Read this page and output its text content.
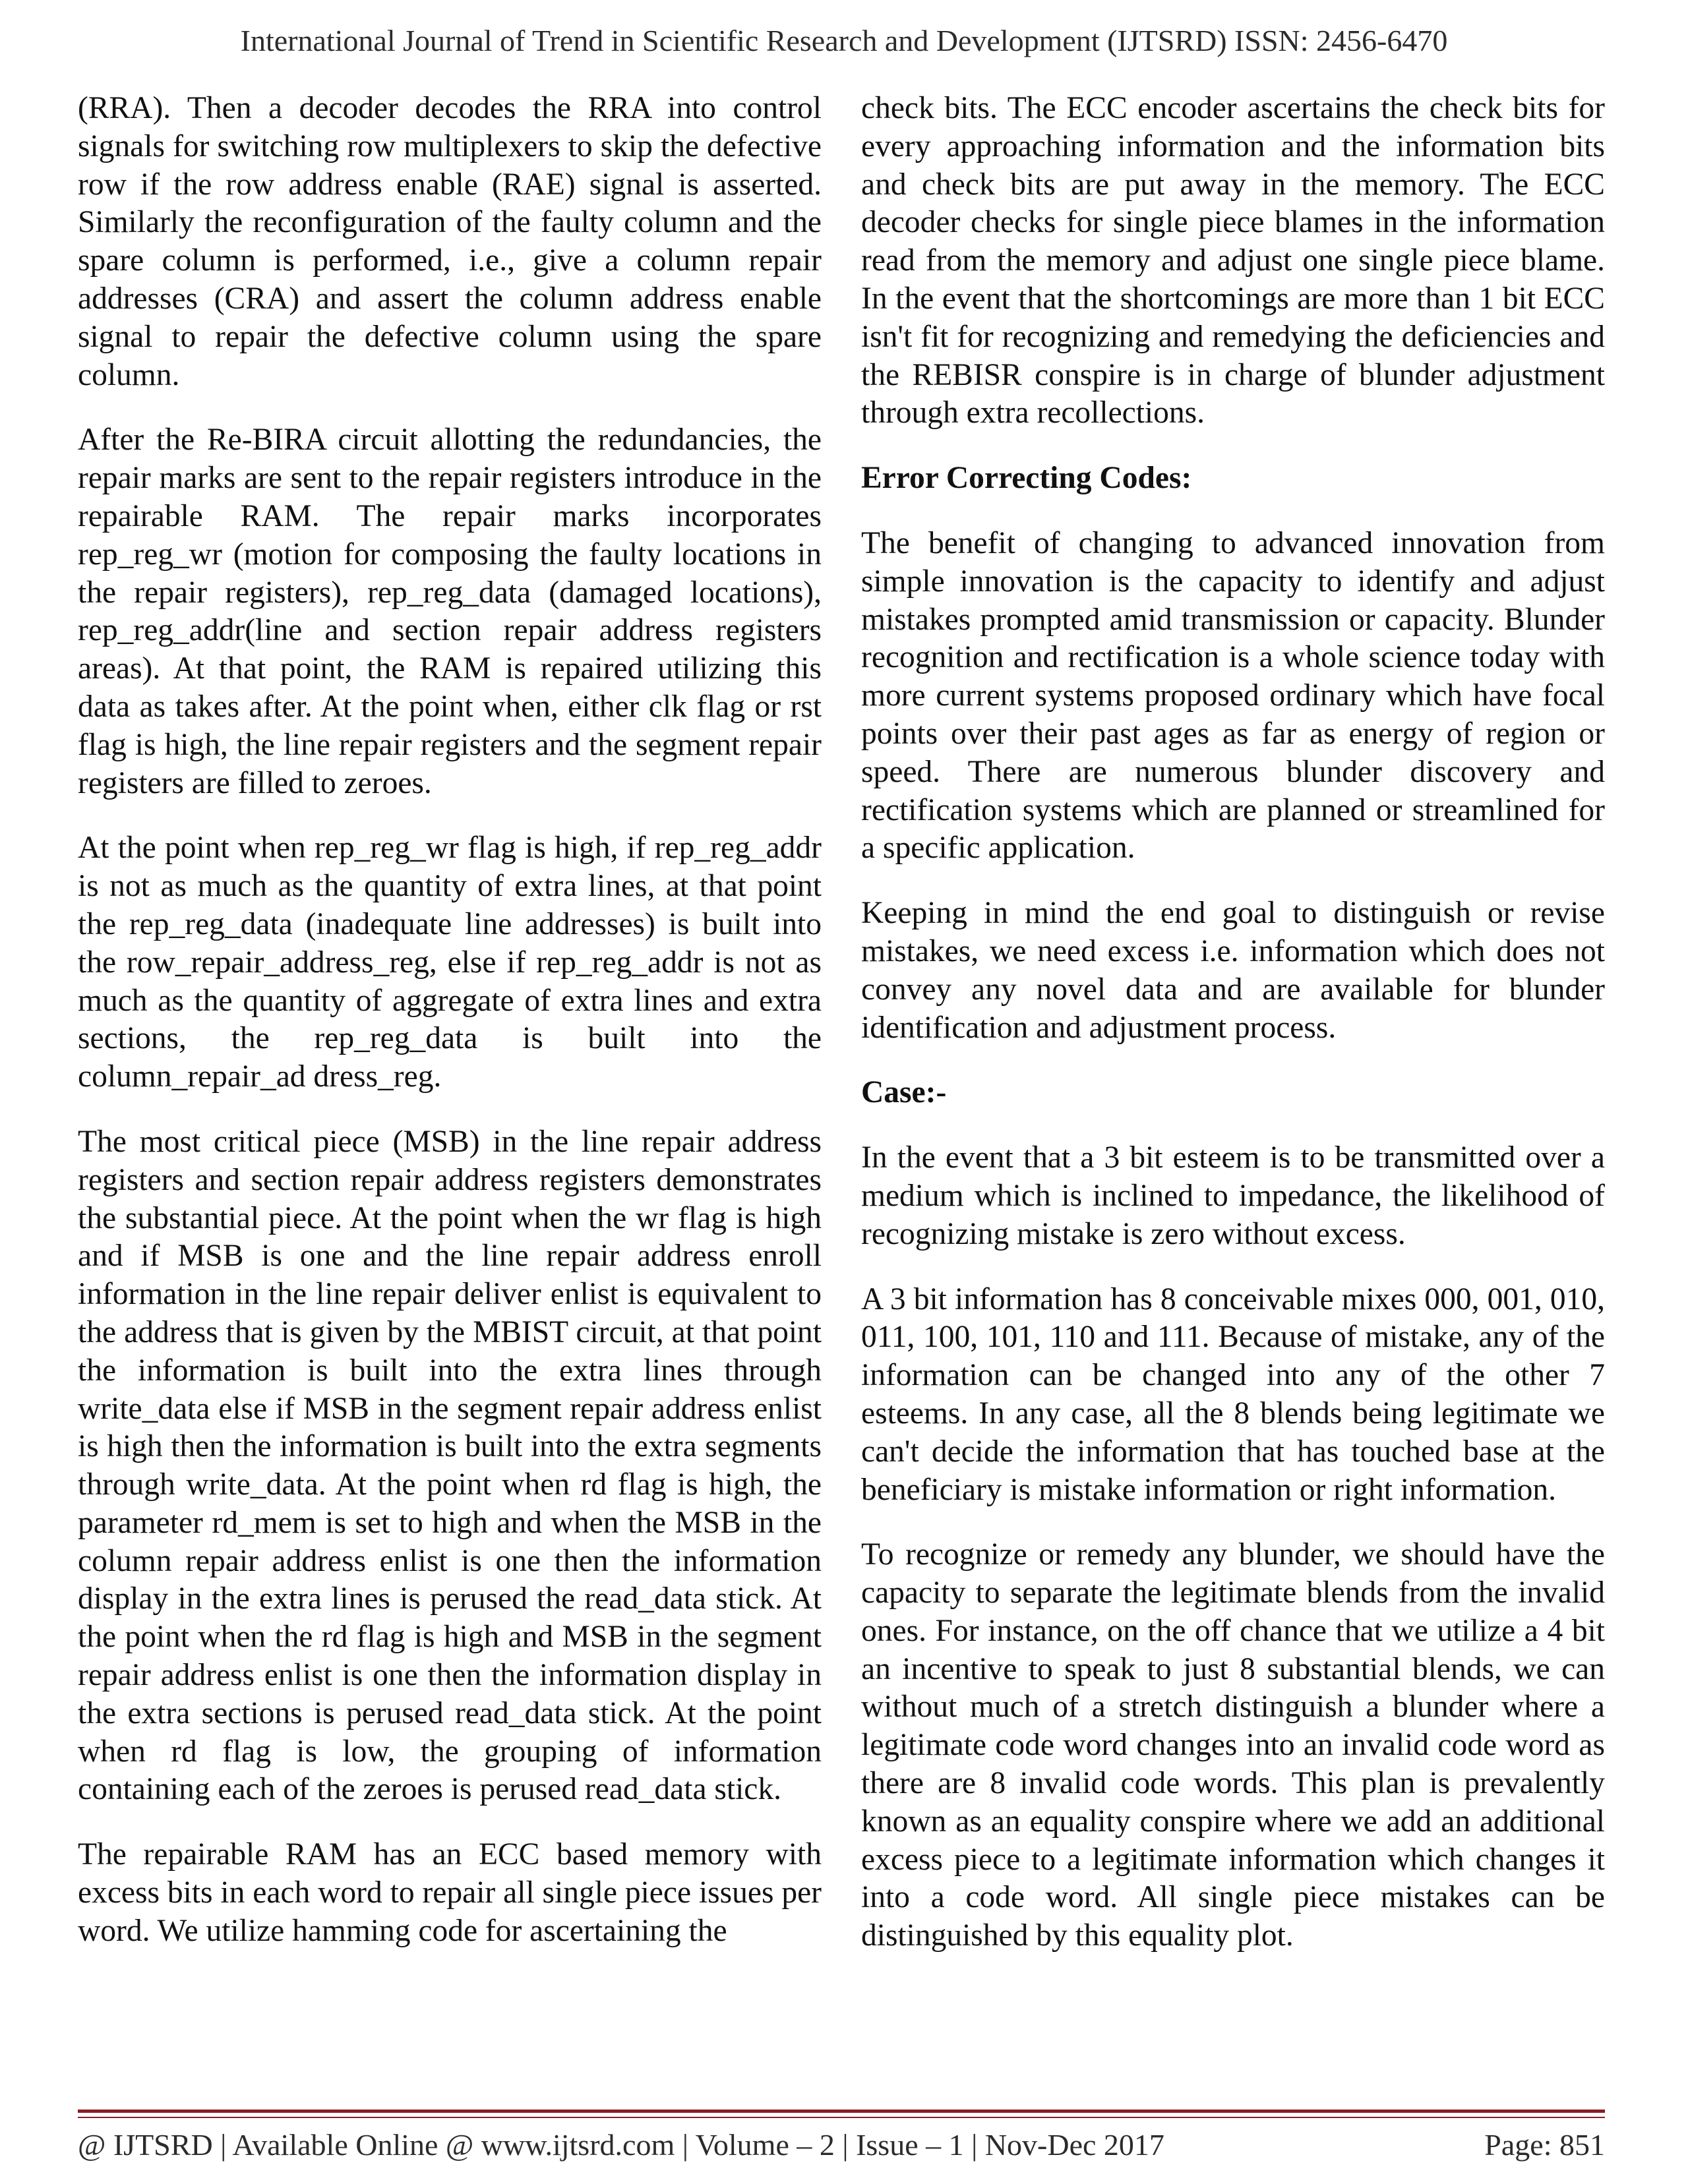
International Journal of Trend in Scientific Research and Development (IJTSRD) ISSN: 2456-6470

(RRA). Then a decoder decodes the RRA into control signals for switching row multiplexers to skip the defective row if the row address enable (RAE) signal is asserted. Similarly the reconfiguration of the faulty column and the spare column is performed, i.e., give a column repair addresses (CRA) and assert the column address enable signal to repair the defective column using the spare column.

After the Re-BIRA circuit allotting the redundancies, the repair marks are sent to the repair registers introduce in the repairable RAM. The repair marks incorporates rep_reg_wr (motion for composing the faulty locations in the repair registers), rep_reg_data (damaged locations), rep_reg_addr(line and section repair address registers areas). At that point, the RAM is repaired utilizing this data as takes after. At the point when, either clk flag or rst flag is high, the line repair registers and the segment repair registers are filled to zeroes.

At the point when rep_reg_wr flag is high, if rep_reg_addr is not as much as the quantity of extra lines, at that point the rep_reg_data (inadequate line addresses) is built into the row_repair_address_reg, else if rep_reg_addr is not as much as the quantity of aggregate of extra lines and extra sections, the rep_reg_data is built into the column_repair_ad dress_reg.

The most critical piece (MSB) in the line repair address registers and section repair address registers demonstrates the substantial piece. At the point when the wr flag is high and if MSB is one and the line repair address enroll information in the line repair deliver enlist is equivalent to the address that is given by the MBIST circuit, at that point the information is built into the extra lines through write_data else if MSB in the segment repair address enlist is high then the information is built into the extra segments through write_data. At the point when rd flag is high, the parameter rd_mem is set to high and when the MSB in the column repair address enlist is one then the information display in the extra lines is perused the read_data stick. At the point when the rd flag is high and MSB in the segment repair address enlist is one then the information display in the extra sections is perused read_data stick. At the point when rd flag is low, the grouping of information containing each of the zeroes is perused read_data stick.

The repairable RAM has an ECC based memory with excess bits in each word to repair all single piece issues per word. We utilize hamming code for ascertaining the

check bits. The ECC encoder ascertains the check bits for every approaching information and the information bits and check bits are put away in the memory. The ECC decoder checks for single piece blames in the information read from the memory and adjust one single piece blame. In the event that the shortcomings are more than 1 bit ECC isn't fit for recognizing and remedying the deficiencies and the REBISR conspire is in charge of blunder adjustment through extra recollections.

Error Correcting Codes:

The benefit of changing to advanced innovation from simple innovation is the capacity to identify and adjust mistakes prompted amid transmission or capacity. Blunder recognition and rectification is a whole science today with more current systems proposed ordinary which have focal points over their past ages as far as energy of region or speed. There are numerous blunder discovery and rectification systems which are planned or streamlined for a specific application.

Keeping in mind the end goal to distinguish or revise mistakes, we need excess i.e. information which does not convey any novel data and are available for blunder identification and adjustment process.

Case:-

In the event that a 3 bit esteem is to be transmitted over a medium which is inclined to impedance, the likelihood of recognizing mistake is zero without excess.

A 3 bit information has 8 conceivable mixes 000, 001, 010, 011, 100, 101, 110 and 111. Because of mistake, any of the information can be changed into any of the other 7 esteems. In any case, all the 8 blends being legitimate we can't decide the information that has touched base at the beneficiary is mistake information or right information.

To recognize or remedy any blunder, we should have the capacity to separate the legitimate blends from the invalid ones. For instance, on the off chance that we utilize a 4 bit an incentive to speak to just 8 substantial blends, we can without much of a stretch distinguish a blunder where a legitimate code word changes into an invalid code word as there are 8 invalid code words. This plan is prevalently known as an equality conspire where we add an additional excess piece to a legitimate information which changes it into a code word. All single piece mistakes can be distinguished by this equality plot.

@ IJTSRD | Available Online @ www.ijtsrd.com | Volume – 2 | Issue – 1 | Nov-Dec 2017	Page: 851
